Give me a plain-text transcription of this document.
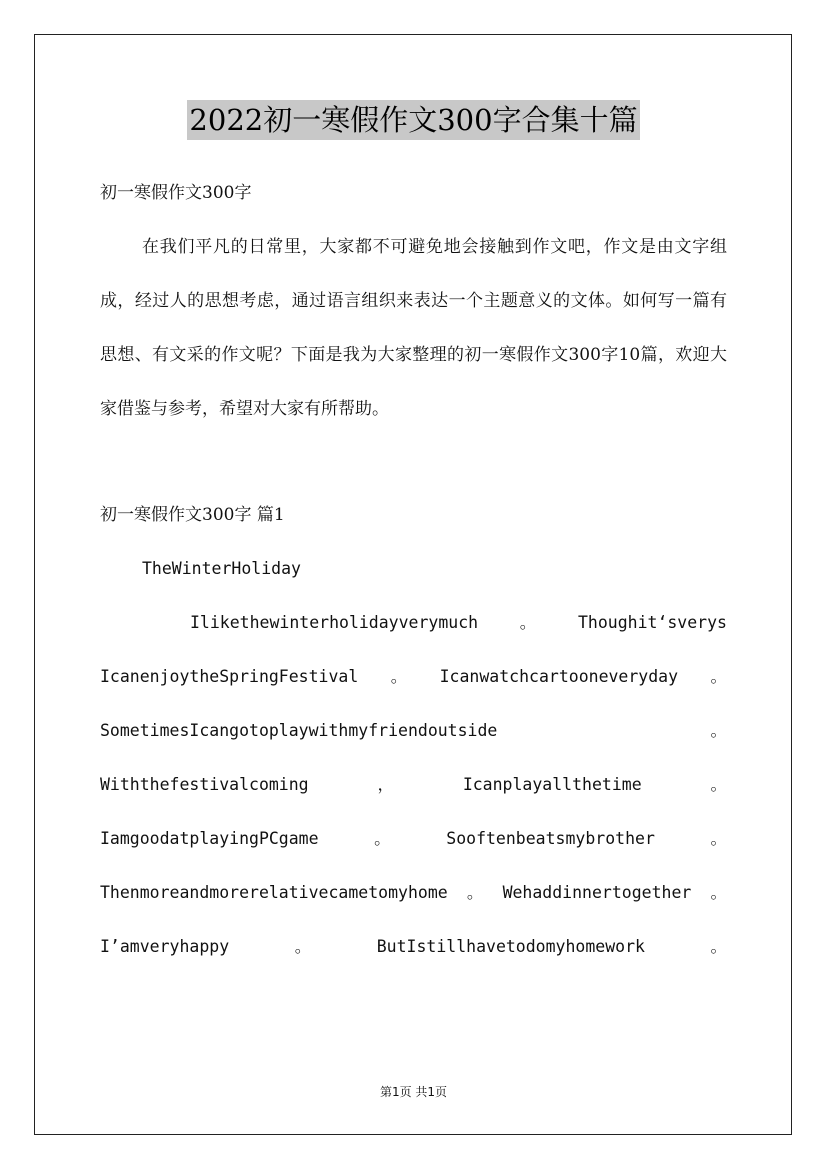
2022初一寒假作文300字合集十篇
初一寒假作文300字

在我们平凡的日常里，大家都不可避免地会接触到作文吧，作文是由文字组成，经过人的思想考虑，通过语言组织来表达一个主题意义的文体。如何写一篇有思想、有文采的作文呢？下面是我为大家整理的初一寒假作文300字10篇，欢迎大家借鉴与参考，希望对大家有所帮助。

初一寒假作文300字 篇1
TheWinterHoliday
Ilikethewinterholidayverymuch	。	Thoughit‘sverys
IcanenjoytheSpringFestival 。 Icanwatchcartooneveryday 。
SometimesIcangotoplaywithmyfriendoutside	。
Withthefestivalcoming	，	Icanplayallthetime	。
IamgoodatplayingPCgame	。	Sooftenbeatsmybrother	。
Thenmoreandmorerelativecametomyhome 。 Wehaddinnertogether 。
I’amveryhappy	。	ButIstillhavetodomyhomework	。
第1页 共1页
